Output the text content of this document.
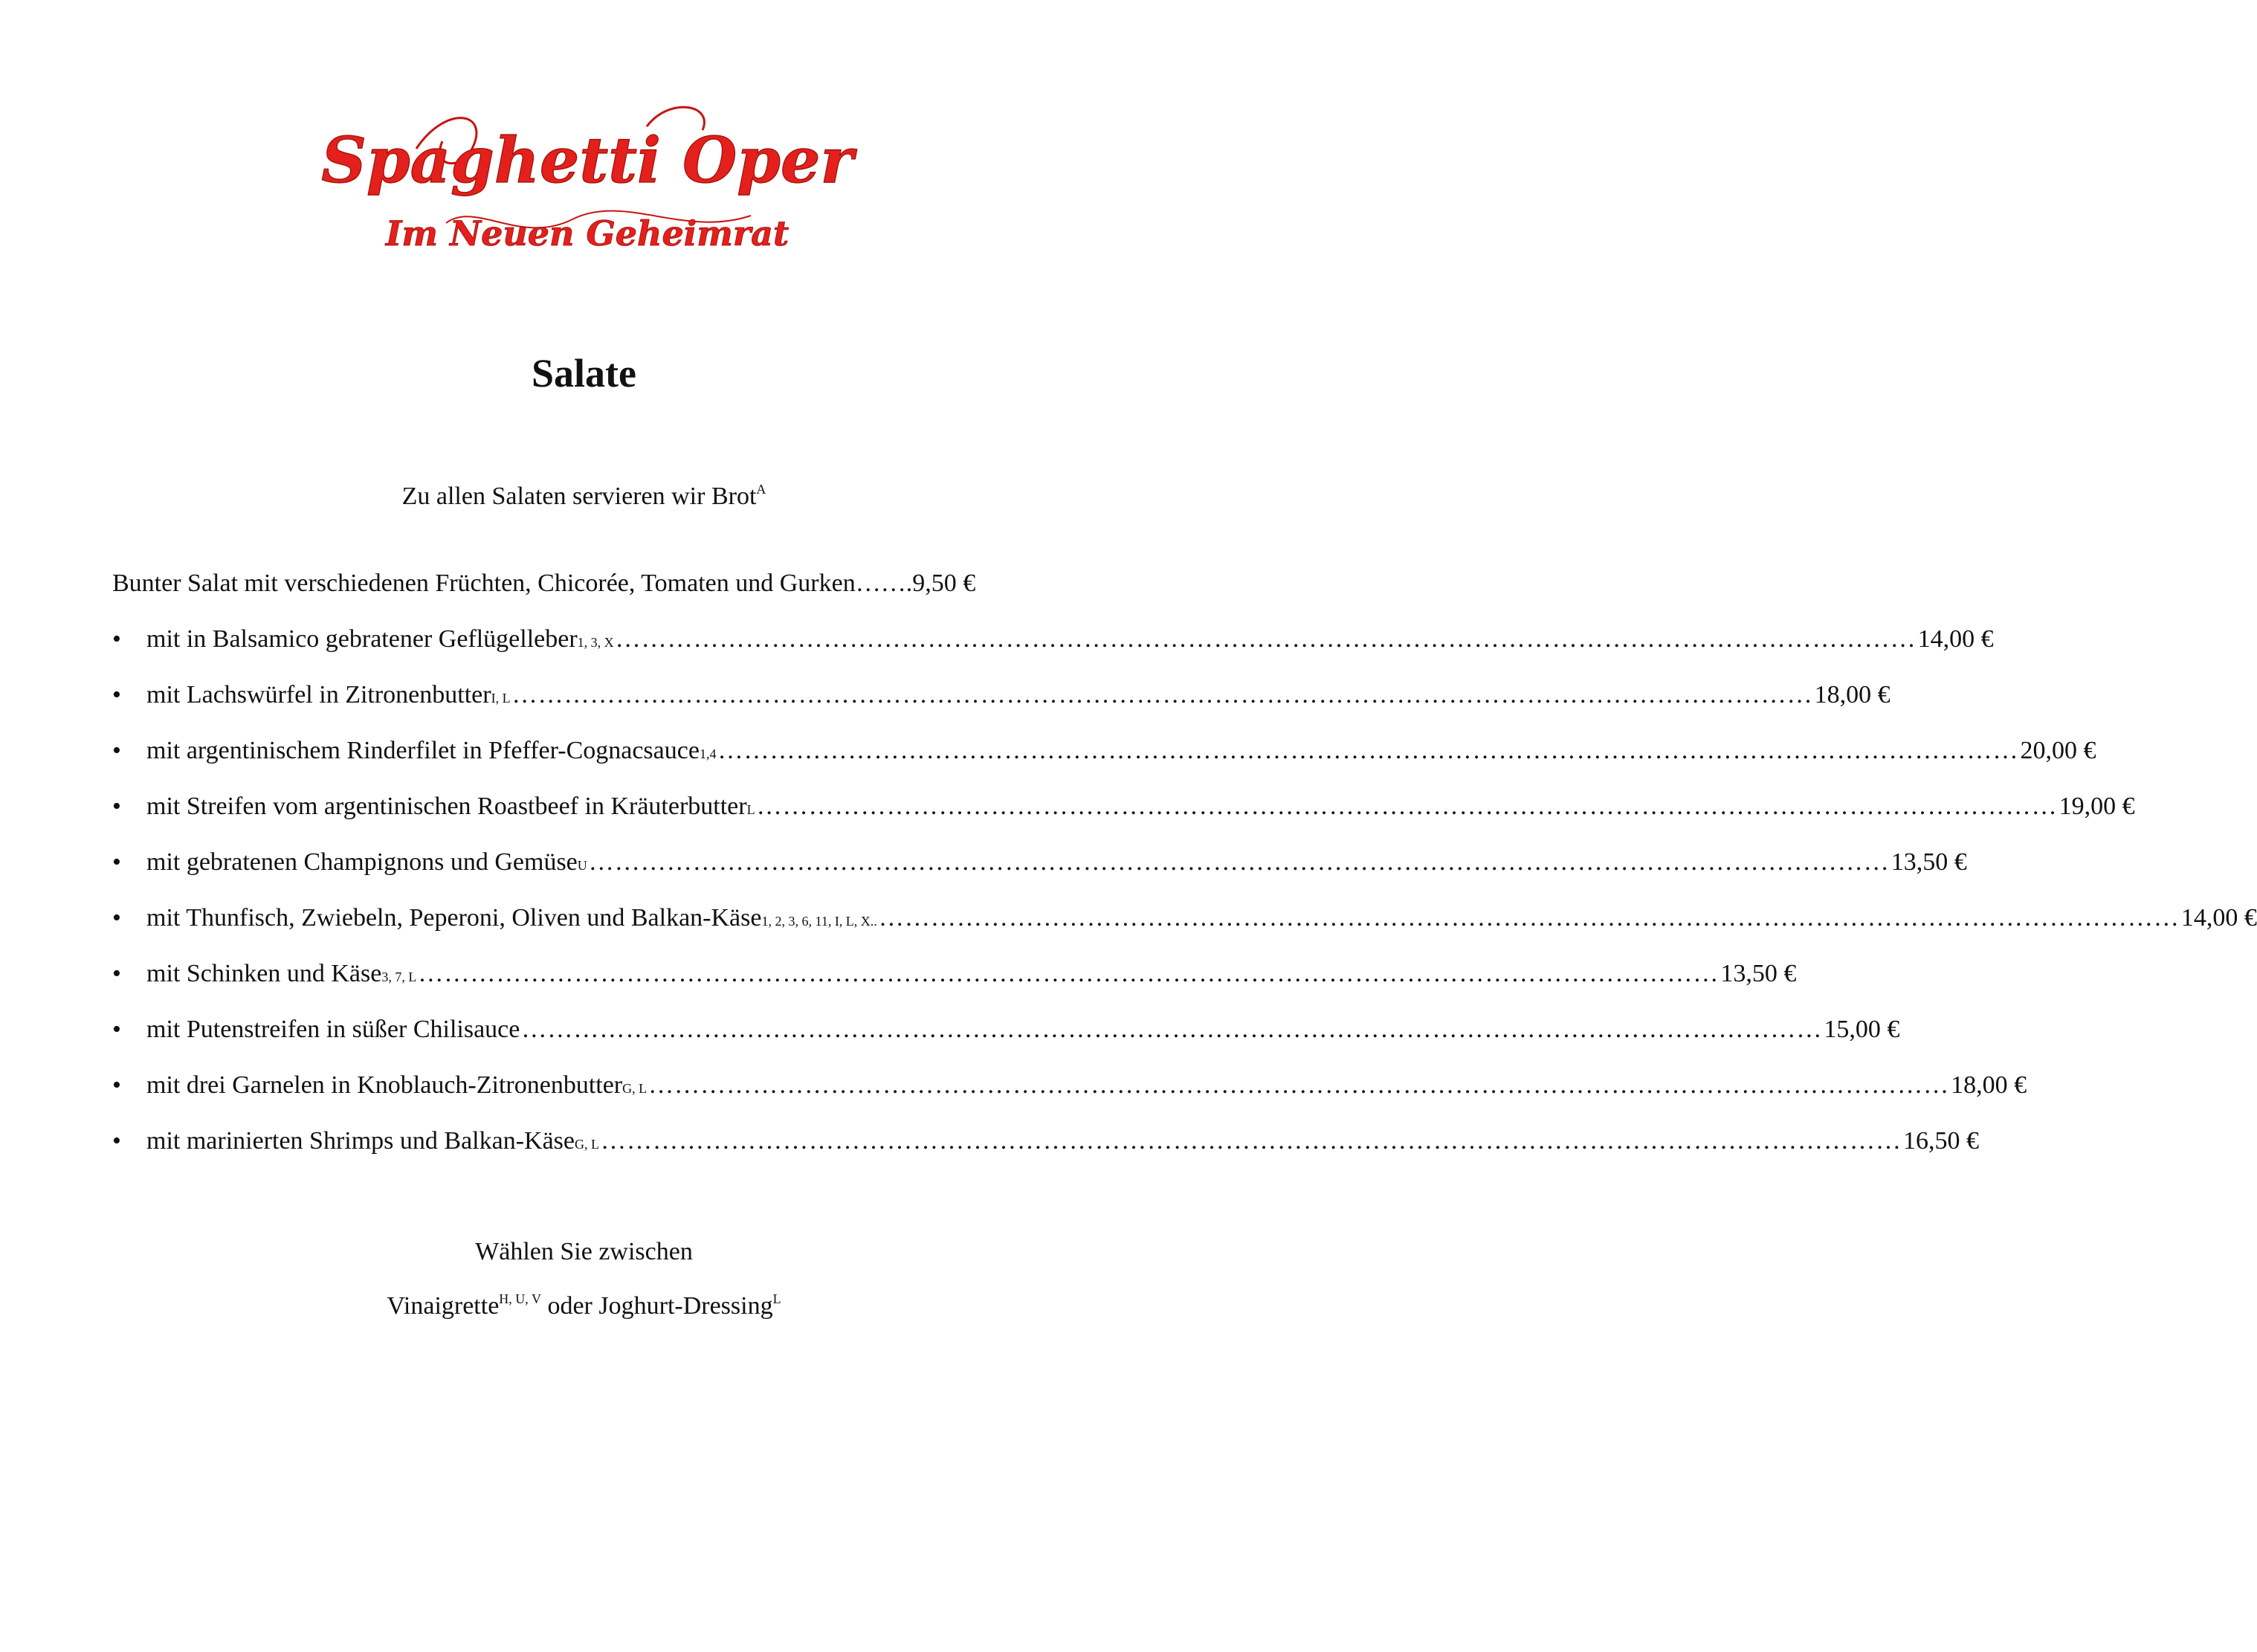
Spaghetti Oper
Im Neuen Geheimrat
Salate
Zu allen Salaten servieren wir Brot$^A$
Bunter Salat mit verschiedenen Früchten, Chicorée, Tomaten und Gurken ……. 9,50 €
• mit in Balsamico gebratener Geflügelleber 1, 3, X ……………………………………………………………………………………………………………………………………	14,00 €
• mit Lachswürfel in Zitronenbutter I, L ……………………………………………………………………………………………………………………………………	18,00 €
• mit argentinischem Rinderfilet in Pfeffer-Cognacsauce 1,4 ……………………………………………………………………………………………………………………………………	20,00 €
• mit Streifen vom argentinischen Roastbeef in Kräuterbutter L ……………………………………………………………………………………………………………………………………	19,00 €
• mit gebratenen Champignons und Gemüse U ……………………………………………………………………………………………………………………………………	13,50 €
• mit Thunfisch, Zwiebeln, Peperoni, Oliven und Balkan-Käse 1, 2, 3, 6, 11, I, L, X.. ……………………………………………………………………………………………………………………………………	14,00 €
• mit Schinken und Käse 3, 7, L ……………………………………………………………………………………………………………………………………	13,50 €
• mit Putenstreifen in süßer Chilisauce ……………………………………………………………………………………………………………………………………	15,00 €
• mit drei Garnelen in Knoblauch-Zitronenbutter G, L ……………………………………………………………………………………………………………………………………	18,00 €
• mit marinierten Shrimps und Balkan-Käse G, L ……………………………………………………………………………………………………………………………………	16,50 €
Wählen Sie zwischen
Vinaigrette$^{H, U, V}$ oder Joghurt-Dressing$^L$
